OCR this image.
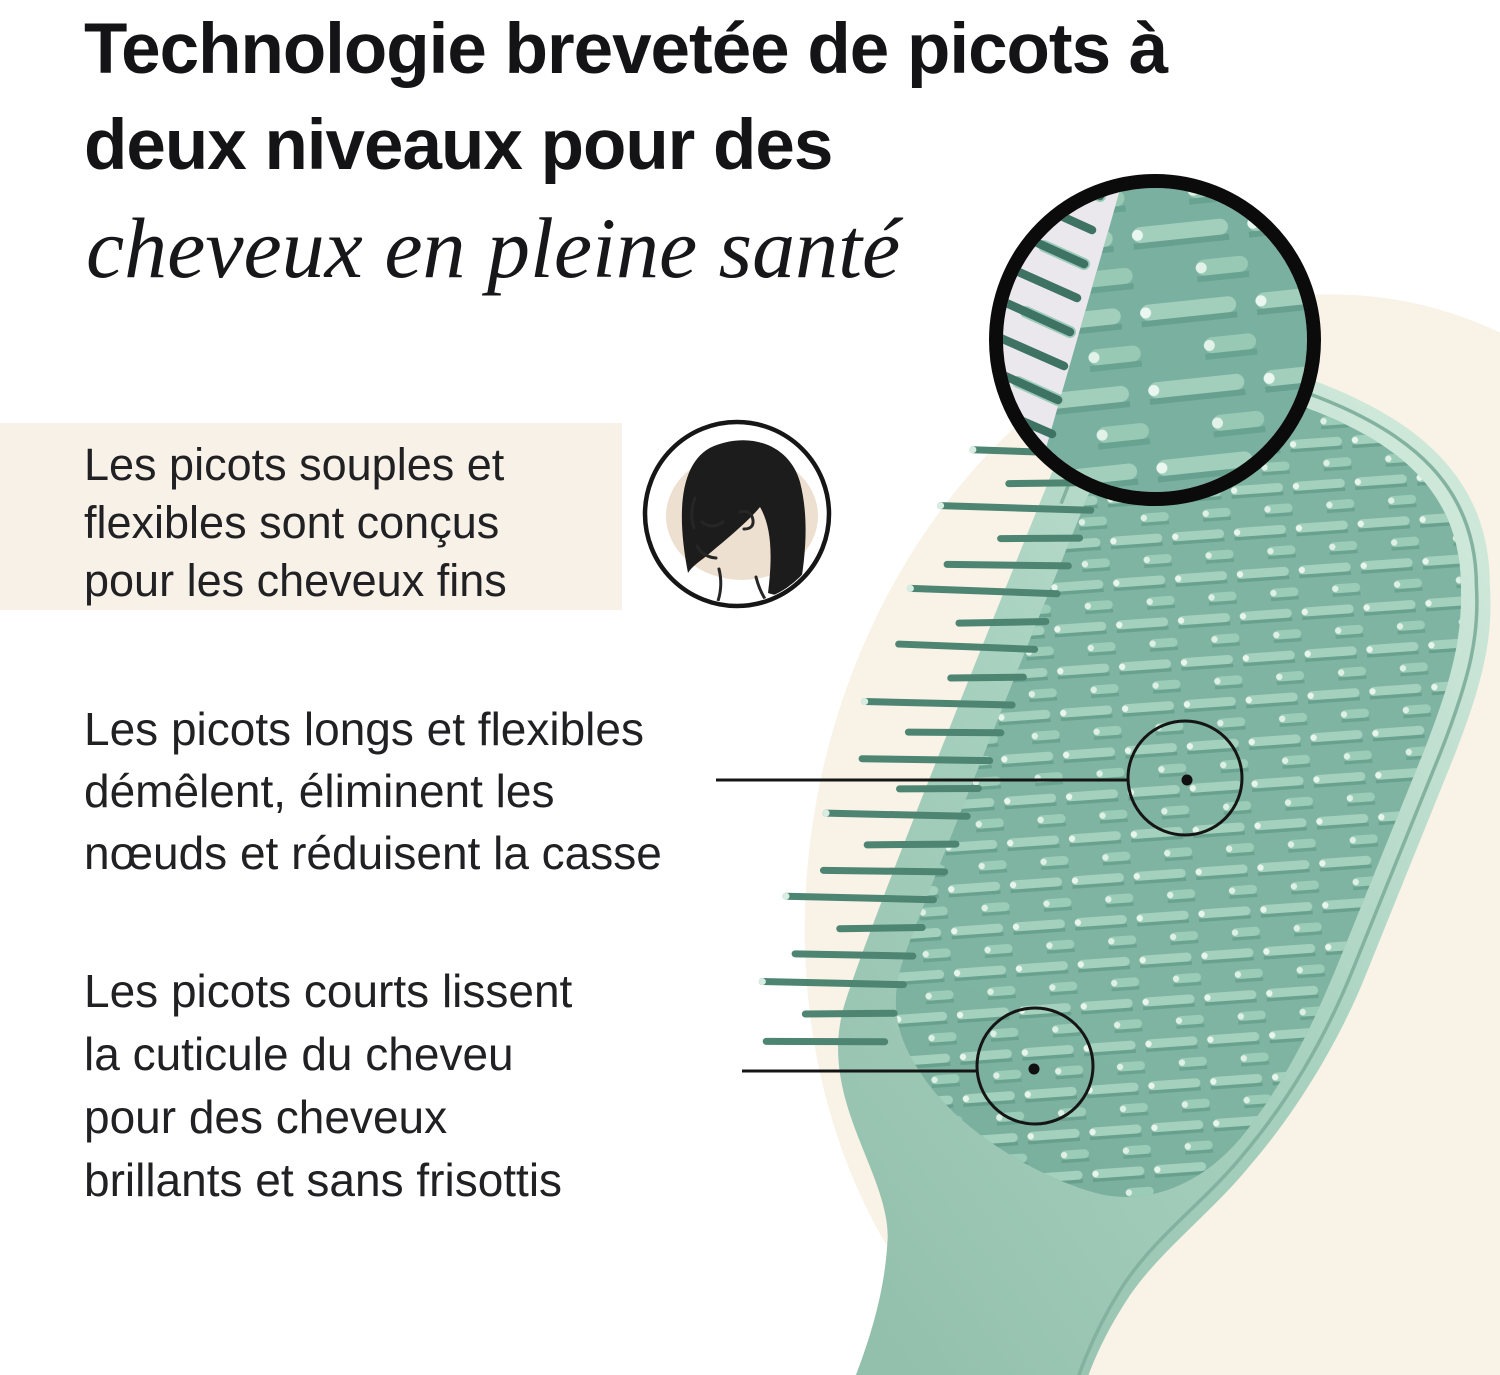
Technologie brevetée de picots à
deux niveaux pour des
cheveux en pleine santé
Les picots souples et
flexibles sont conçus
pour les cheveux fins
Les picots longs et flexibles
démêlent, éliminent les
nœuds et réduisent la casse
Les picots courts lissent
la cuticule du cheveu
pour des cheveux
brillants et sans frisottis
